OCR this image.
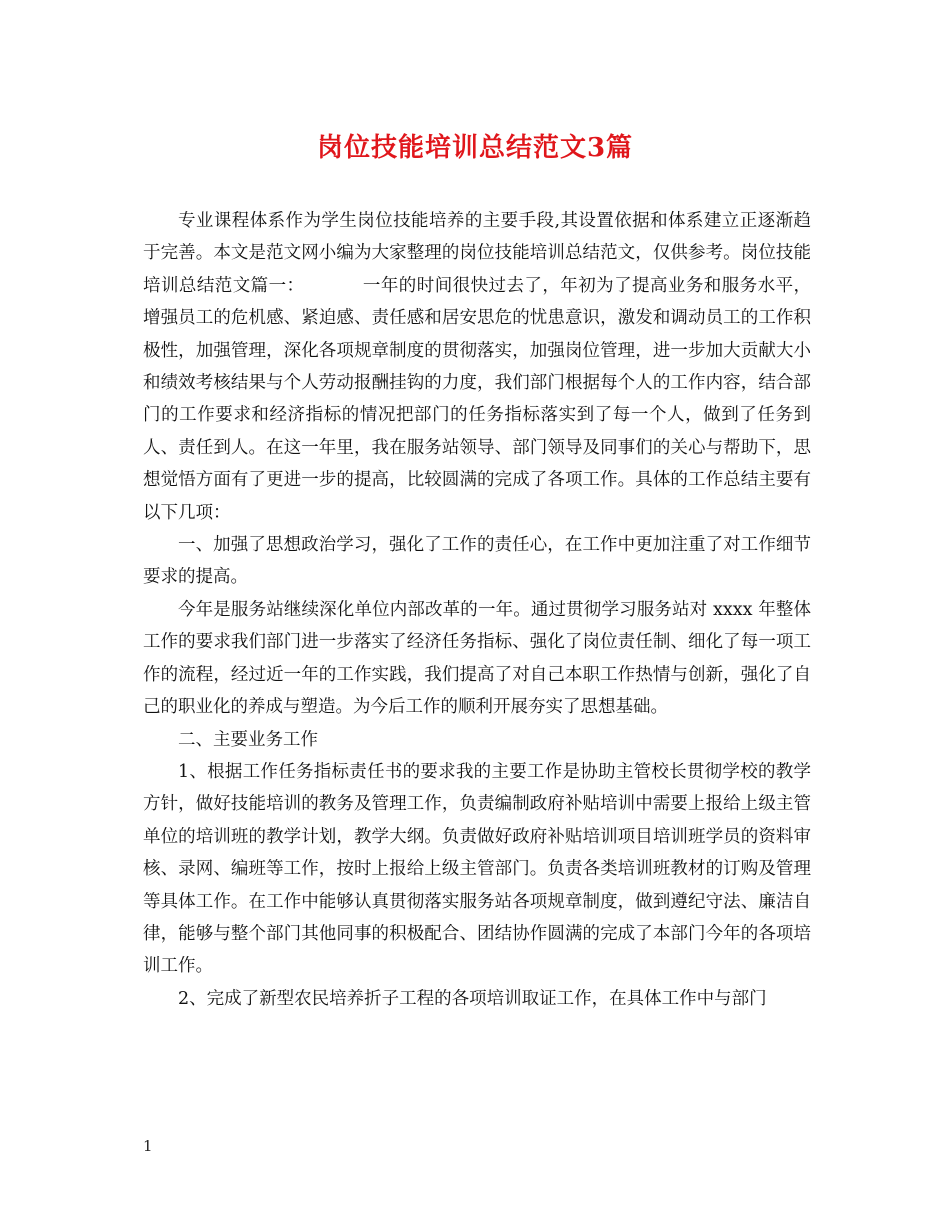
岗位技能培训总结范文3篇

专业课程体系作为学生岗位技能培养的主要手段,其设置依据和体系建立正逐渐趋于完善。本文是范文网小编为大家整理的岗位技能培训总结范文，仅供参考。岗位技能培训总结范文篇一：	一年的时间很快过去了，年初为了提高业务和服务水平，增强员工的危机感、紧迫感、责任感和居安思危的忧患意识，激发和调动员工的工作积极性，加强管理，深化各项规章制度的贯彻落实，加强岗位管理，进一步加大贡献大小和绩效考核结果与个人劳动报酬挂钩的力度，我们部门根据每个人的工作内容，结合部门的工作要求和经济指标的情况把部门的任务指标落实到了每一个人，做到了任务到人、责任到人。在这一年里，我在服务站领导、部门领导及同事们的关心与帮助下，思想觉悟方面有了更进一步的提高，比较圆满的完成了各项工作。具体的工作总结主要有以下几项：

一、加强了思想政治学习，强化了工作的责任心，在工作中更加注重了对工作细节要求的提高。

今年是服务站继续深化单位内部改革的一年。通过贯彻学习服务站对 xxxx 年整体工作的要求我们部门进一步落实了经济任务指标、强化了岗位责任制、细化了每一项工作的流程，经过近一年的工作实践，我们提高了对自己本职工作热情与创新，强化了自己的职业化的养成与塑造。为今后工作的顺利开展夯实了思想基础。

二、主要业务工作

1、根据工作任务指标责任书的要求我的主要工作是协助主管校长贯彻学校的教学方针，做好技能培训的教务及管理工作，负责编制政府补贴培训中需要上报给上级主管单位的培训班的教学计划，教学大纲。负责做好政府补贴培训项目培训班学员的资料审核、录网、编班等工作，按时上报给上级主管部门。负责各类培训班教材的订购及管理等具体工作。在工作中能够认真贯彻落实服务站各项规章制度，做到遵纪守法、廉洁自律，能够与整个部门其他同事的积极配合、团结协作圆满的完成了本部门今年的各项培训工作。

2、完成了新型农民培养折子工程的各项培训取证工作，在具体工作中与部门

1
